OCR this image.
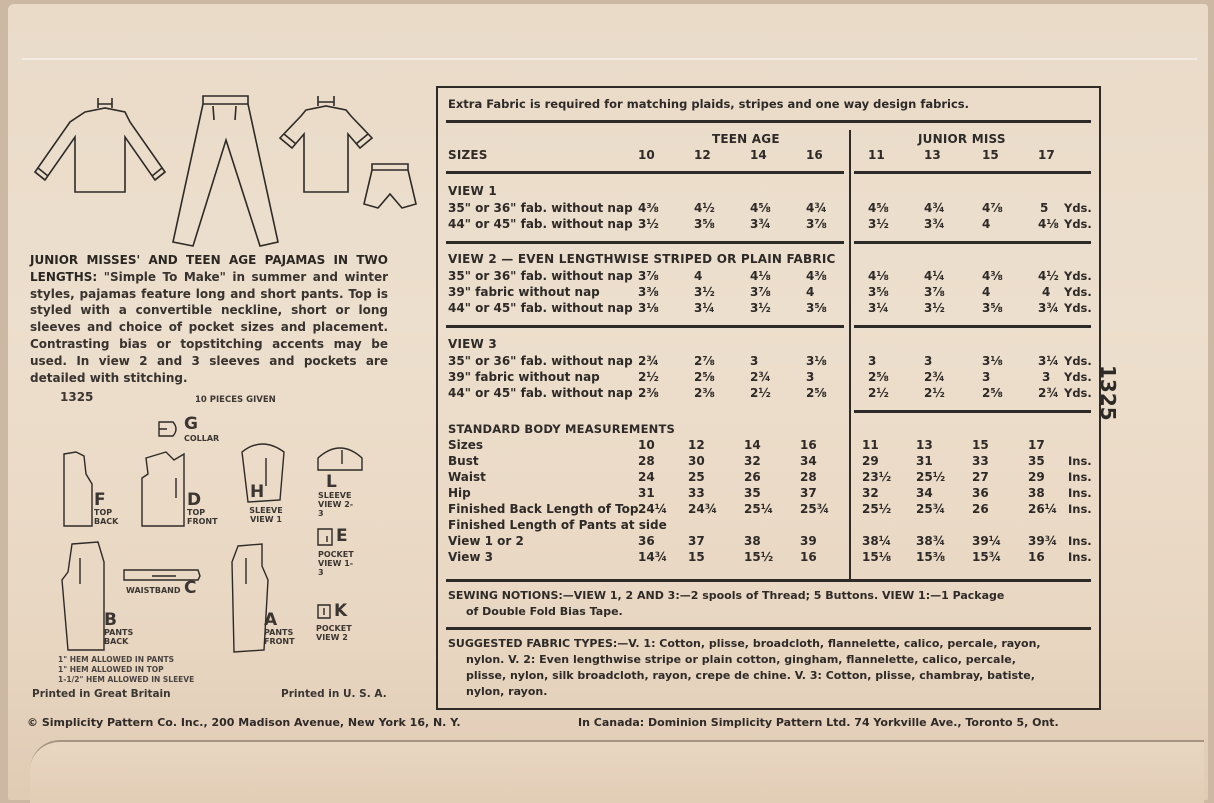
JUNIOR MISSES' AND TEEN AGE PAJAMAS IN TWO LENGTHS: "Simple To Make" in summer and winter styles, pajamas feature long and short pants. Top is styled with a convertible neckline, short or long sleeves and choice of pocket sizes and placement. Contrasting bias or topstitching accents may be used. In view 2 and 3 sleeves and pockets are detailed with stitching.
1325	10 PIECES GIVEN
G
COLLAR
F
TOP BACK
D
TOP FRONT
H
SLEEVE VIEW 1
L
SLEEVE VIEW 2-3
E
POCKET VIEW 1-3
WAISTBAND C
B
PANTS BACK
A
PANTS FRONT
K
POCKET VIEW 2
1" HEM ALLOWED IN PANTS
1" HEM ALLOWED IN TOP
1-1/2" HEM ALLOWED IN SLEEVE
Printed in Great Britain	Printed in U. S. A.
© Simplicity Pattern Co. Inc., 200 Madison Avenue, New York 16, N. Y.	In Canada: Dominion Simplicity Pattern Ltd. 74 Yorkville Ave., Toronto 5, Ont.
1325
Extra Fabric is required for matching plaids, stripes and one way design fabrics.
TEEN AGE	JUNIOR MISS
SIZES	10	12	14	16	11	13	15	17
VIEW 1
35" or 36" fab. without nap 4⅜	4½	4⅝	4¾	4⅝	4¾	4⅞	5 Yds.
44" or 45" fab. without nap 3½	3⅝	3¾	3⅞	3½	3¾	4	4⅛ Yds.
VIEW 2 — EVEN LENGTHWISE STRIPED OR PLAIN FABRIC
35" or 36" fab. without nap 3⅞	4	4⅛	4⅜	4⅛	4¼	4⅜	4½ Yds.
39" fabric without nap	3⅜	3½	3⅞	4	3⅝	3⅞	4	4 Yds.
44" or 45" fab. without nap 3⅛	3¼	3½	3⅝	3¼	3½	3⅝	3¾ Yds.
VIEW 3
35" or 36" fab. without nap 2¾	2⅞	3	3⅛	3	3	3⅛	3¼ Yds.
39" fabric without nap	2½	2⅝	2¾	3	2⅝	2¾	3	3 Yds.
44" or 45" fab. without nap 2⅜	2⅜	2½	2⅝	2½	2½	2⅝	2¾ Yds.
STANDARD BODY MEASUREMENTS
Sizes	10	12	14	16	11	13	15	17
Bust	28	30	32	34	29	31	33	35 Ins.
Waist	24	25	26	28	23½ 25½ 27	29 Ins.
Hip	31	33	35	37	32	34	36	38 Ins.
Finished Back Length of Top 24¼ 24¾ 25¼ 25¾	25½ 25¾ 26	26¼ Ins.
Finished Length of Pants at side
View 1 or 2	36	37	38	39	38¼ 38¾ 39¼ 39¾ Ins.
View 3	14¾ 15	15½ 16	15⅛ 15⅜ 15¾ 16 Ins.
SEWING NOTIONS:—VIEW 1, 2 AND 3:—2 spools of Thread; 5 Buttons. VIEW 1:—1 Package
of Double Fold Bias Tape.
SUGGESTED FABRIC TYPES:—V. 1: Cotton, plisse, broadcloth, flannelette, calico, percale, rayon,
nylon. V. 2: Even lengthwise stripe or plain cotton, gingham, flannelette, calico, percale,
plisse, nylon, silk broadcloth, rayon, crepe de chine. V. 3: Cotton, plisse, chambray, batiste,
nylon, rayon.
